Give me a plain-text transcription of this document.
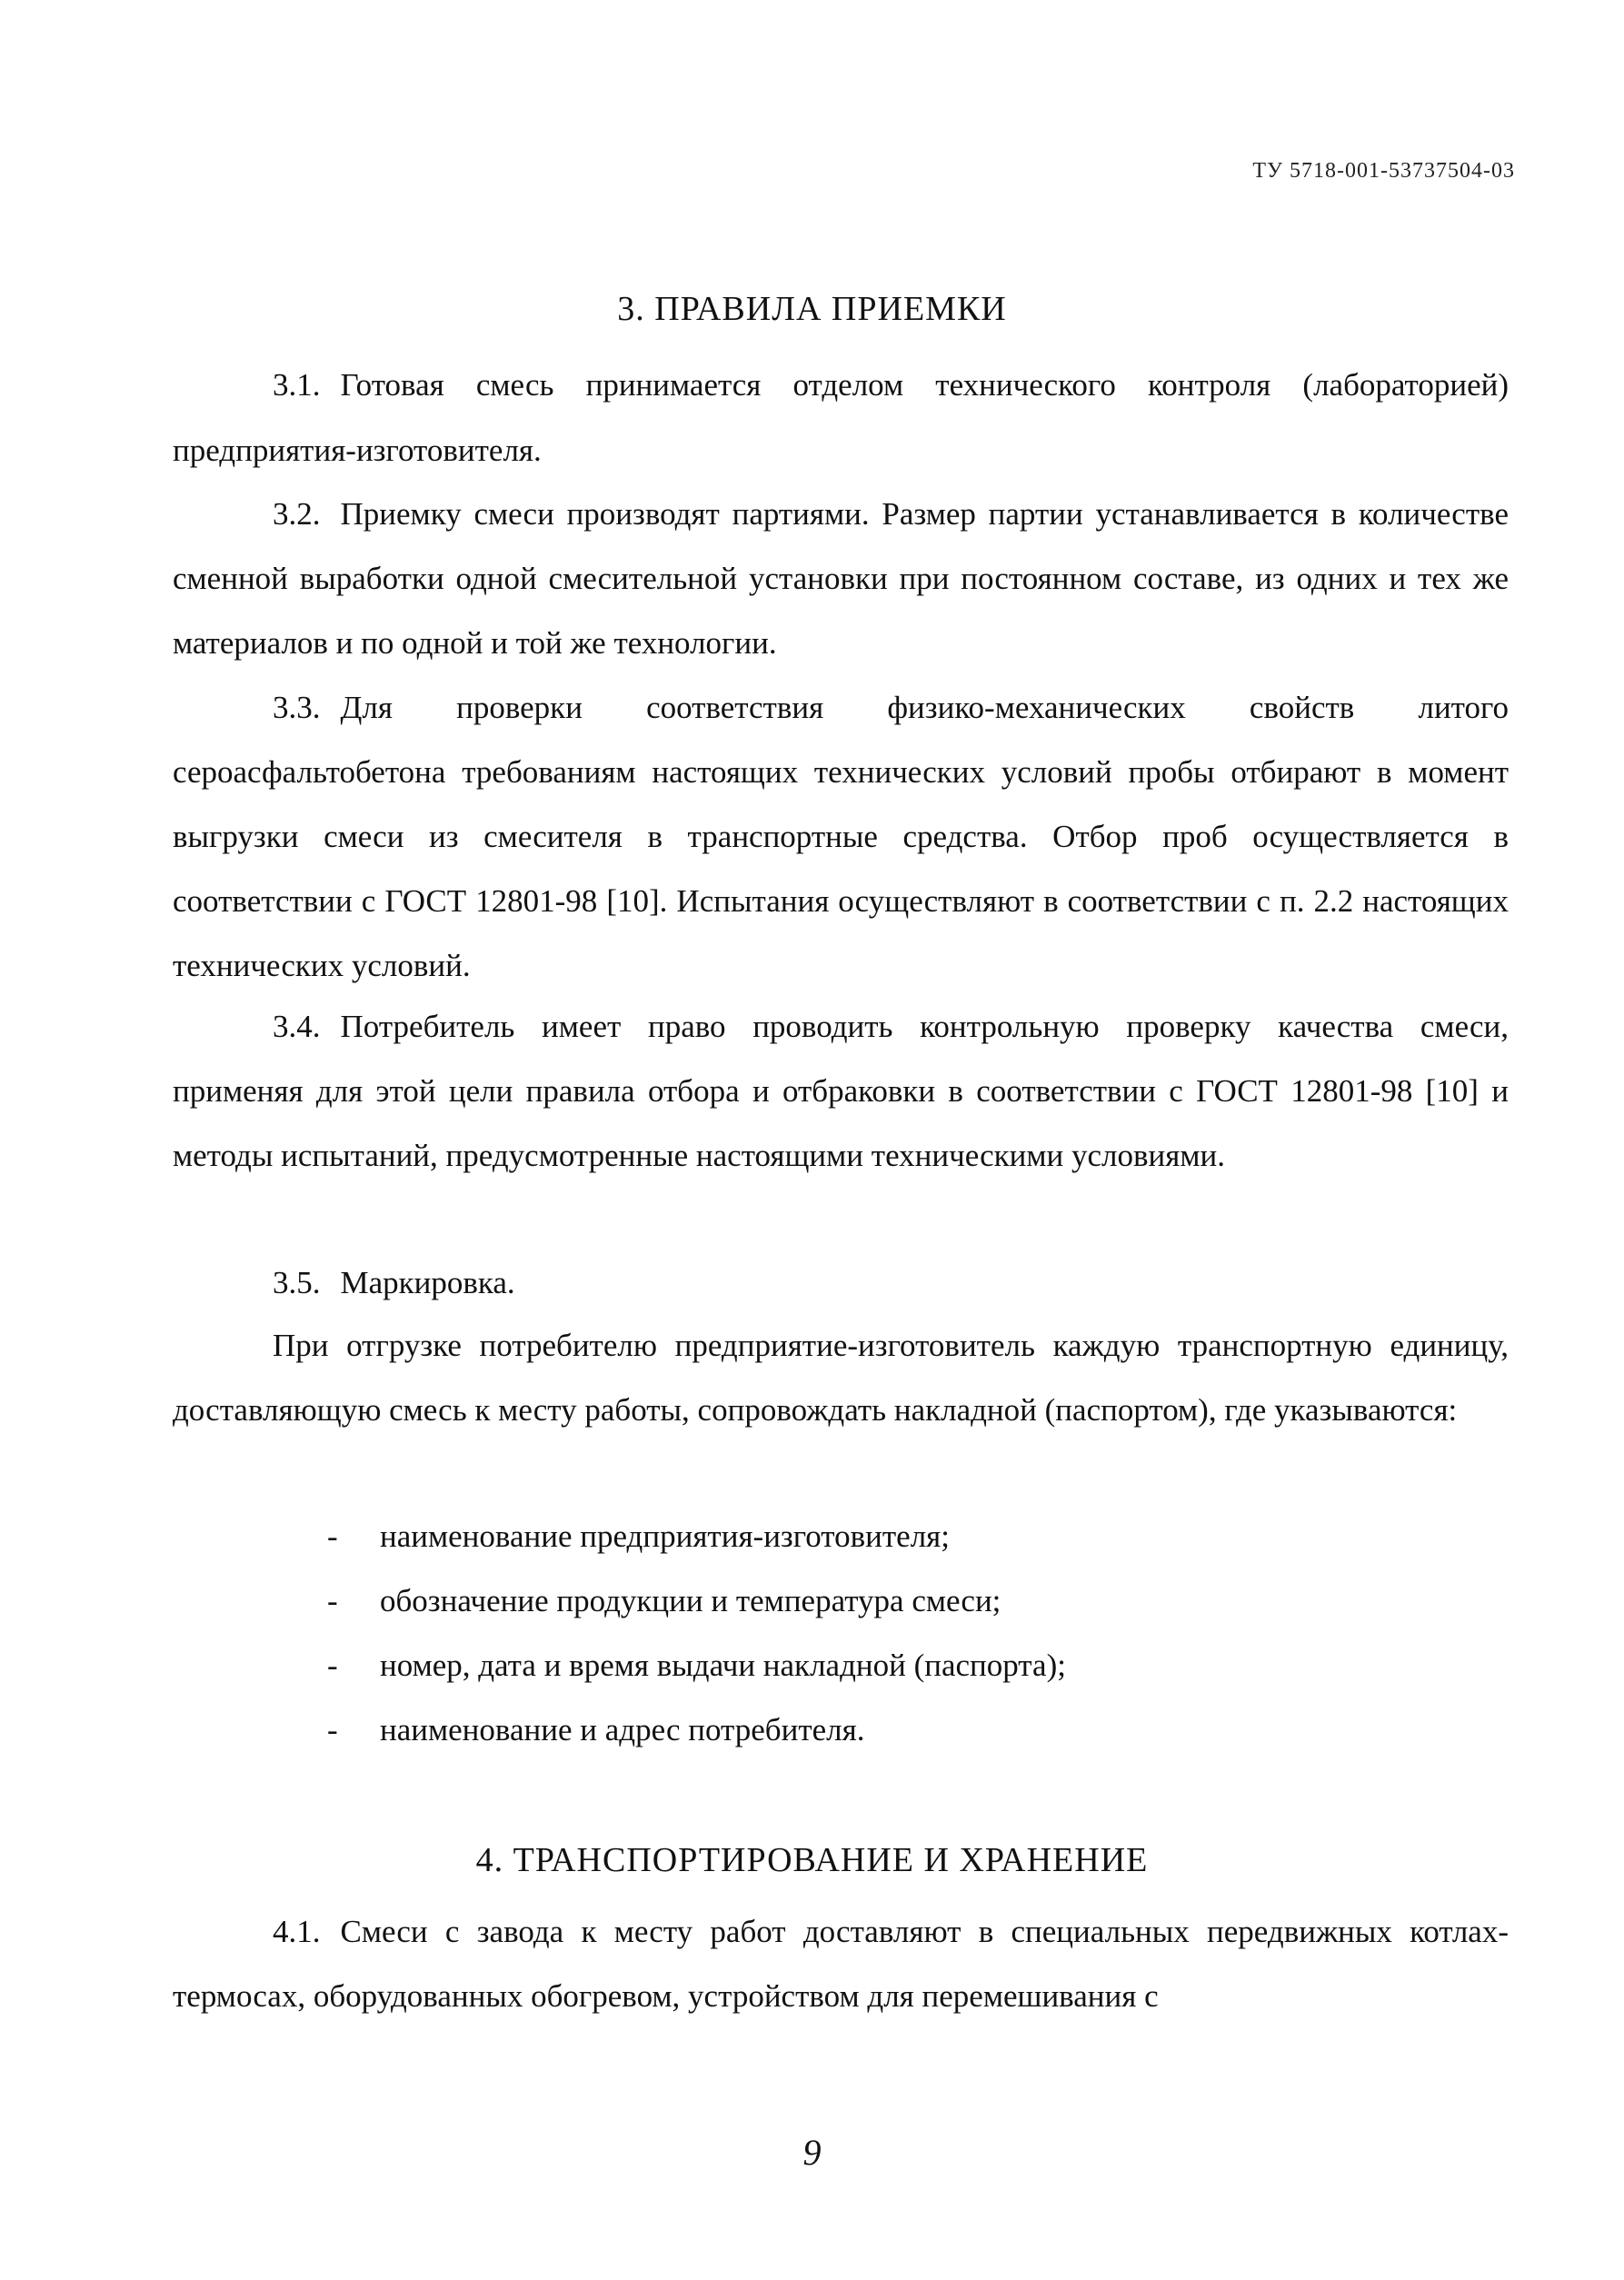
ТУ 5718-001-53737504-03
3. ПРАВИЛА ПРИЕМКИ

3.1. Готовая смесь принимается отделом технического контроля (лабораторией) предприятия-изготовителя.

3.2. Приемку смеси производят партиями. Размер партии устанавливается в количестве сменной выработки одной смесительной установки при постоянном составе, из одних и тех же материалов и по одной и той же технологии.

3.3. Для проверки соответствия физико-механических свойств литого сероасфальтобетона требованиям настоящих технических условий пробы отбирают в момент выгрузки смеси из смесителя в транспортные средства. Отбор проб осуществляется в соответствии с ГОСТ 12801-98 [10]. Испытания осуществляют в соответствии с п. 2.2 настоящих технических условий.

3.4. Потребитель имеет право проводить контрольную проверку качества смеси, применяя для этой цели правила отбора и отбраковки в соответствии с ГОСТ 12801-98 [10] и методы испытаний, предусмотренные настоящими техническими условиями.

3.5. Маркировка.

При отгрузке потребителю предприятие-изготовитель каждую транспортную единицу, доставляющую смесь к месту работы, сопровождать накладной (паспортом), где указываются:

- наименование предприятия-изготовителя;
- обозначение продукции и температура смеси;
- номер, дата и время выдачи накладной (паспорта);
- наименование и адрес потребителя.
4. ТРАНСПОРТИРОВАНИЕ И ХРАНЕНИЕ

4.1. Смеси с завода к месту работ доставляют в специальных передвижных котлах-термосах, оборудованных обогревом, устройством для перемешивания с

9
